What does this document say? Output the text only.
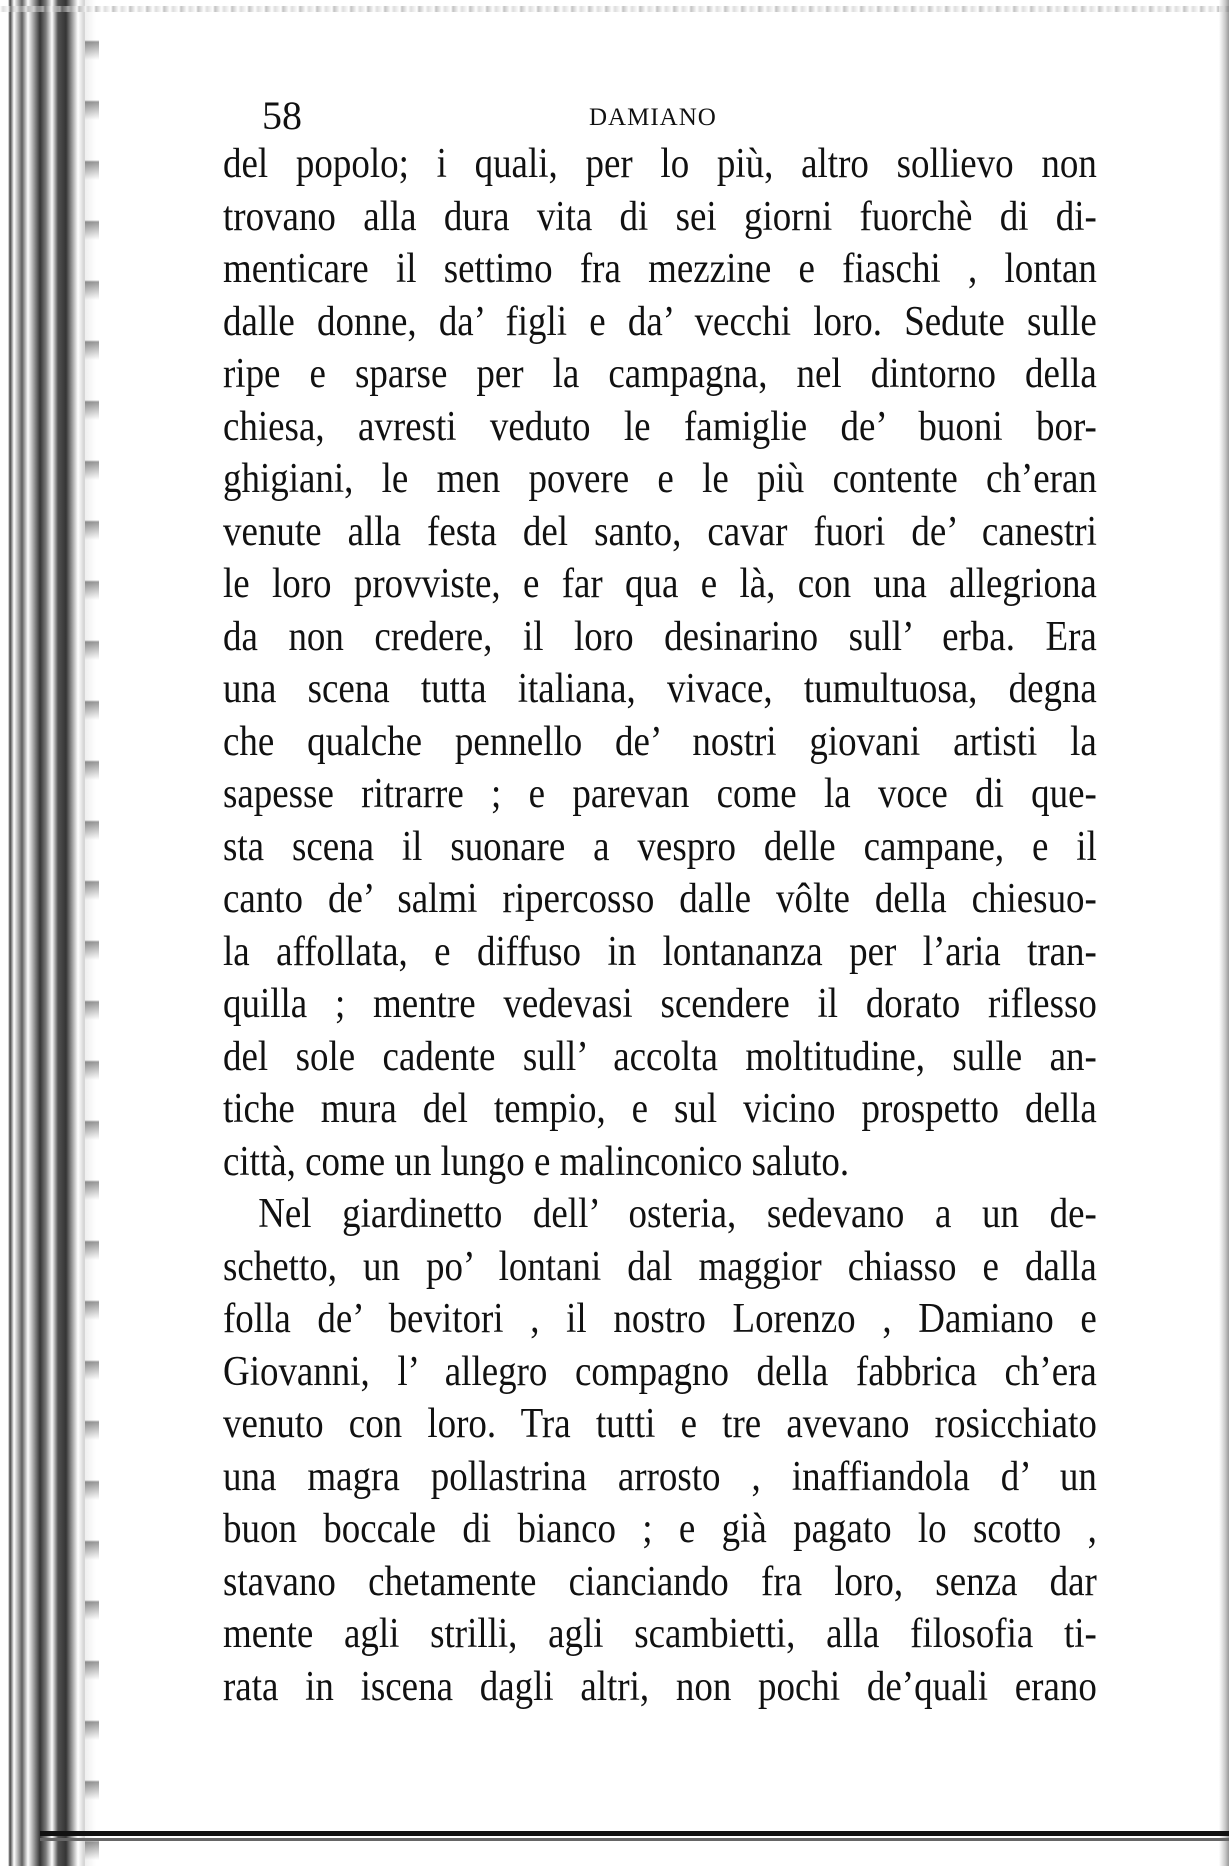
58	DAMIANO
del popolo; i quali, per lo più, altro sollievo non
trovano alla dura vita di sei giorni fuorchè di di-
menticare il settimo fra mezzine e fiaschi , lontan
dalle donne, da’ figli e da’ vecchi loro. Sedute sulle
ripe e sparse per la campagna, nel dintorno della
chiesa, avresti veduto le famiglie de’ buoni bor-
ghigiani, le men povere e le più contente ch’eran
venute alla festa del santo, cavar fuori de’ canestri
le loro provviste, e far qua e là, con una allegriona
da non credere, il loro desinarino sull’ erba. Era
una scena tutta italiana, vivace, tumultuosa, degna
che qualche pennello de’ nostri giovani artisti la
sapesse ritrarre ; e parevan come la voce di que-
sta scena il suonare a vespro delle campane, e il
canto de’ salmi ripercosso dalle vôlte della chiesuo-
la affollata, e diffuso in lontananza per l’aria tran-
quilla ; mentre vedevasi scendere il dorato riflesso
del sole cadente sull’ accolta moltitudine, sulle an-
tiche mura del tempio, e sul vicino prospetto della
città, come un lungo e malinconico saluto.
Nel giardinetto dell’ osteria, sedevano a un de-
schetto, un po’ lontani dal maggior chiasso e dalla
folla de’ bevitori , il nostro Lorenzo , Damiano e
Giovanni, l’ allegro compagno della fabbrica ch’era
venuto con loro. Tra tutti e tre avevano rosicchiato
una magra pollastrina arrosto , inaffiandola d’ un
buon boccale di bianco ; e già pagato lo scotto ,
stavano chetamente cianciando fra loro, senza dar
mente agli strilli, agli scambietti, alla filosofia ti-
rata in iscena dagli altri, non pochi de’quali erano
